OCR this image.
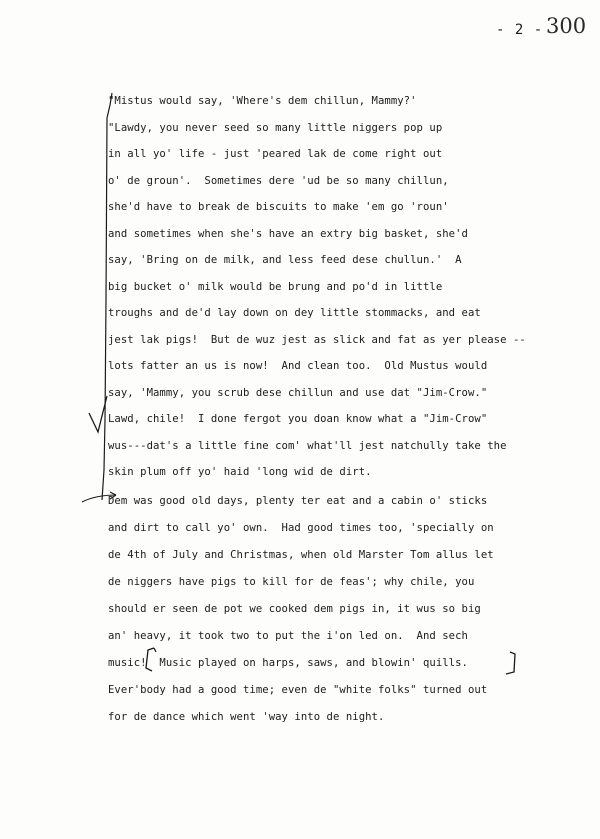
- 2 - 300
"Mistus would say, 'Where's dem chillun, Mammy?'
"Lawdy, you never seed so many little niggers pop up
in all yo' life - just 'peared lak de come right out
o' de groun'.  Sometimes dere 'ud be so many chillun,
she'd have to break de biscuits to make 'em go 'roun'
and sometimes when she's have an extry big basket, she'd
say, 'Bring on de milk, and less feed dese chullun.'  A
big bucket o' milk would be brung and po'd in little
troughs and de'd lay down on dey little stommacks, and eat
jest lak pigs!  But de wuz jest as slick and fat as yer please --
lots fatter an us is now!  And clean too.  Old Mustus would
say, 'Mammy, you scrub dese chillun and use dat "Jim-Crow."
Lawd, chile!  I done fergot you doan know what a "Jim-Crow"
wus---dat's a little fine com' what'll jest natchully take the
skin plum off yo' haid 'long wid de dirt.
Dem was good old days, plenty ter eat and a cabin o' sticks
and dirt to call yo' own.  Had good times too, 'specially on
de 4th of July and Christmas, when old Marster Tom allus let
de niggers have pigs to kill for de feas'; why chile, you
should er seen de pot we cooked dem pigs in, it wus so big
an' heavy, it took two to put the i'on led on.  And sech
music!  Music played on harps, saws, and blowin' quills.
Ever'body had a good time; even de "white folks" turned out
for de dance which went 'way into de night.
